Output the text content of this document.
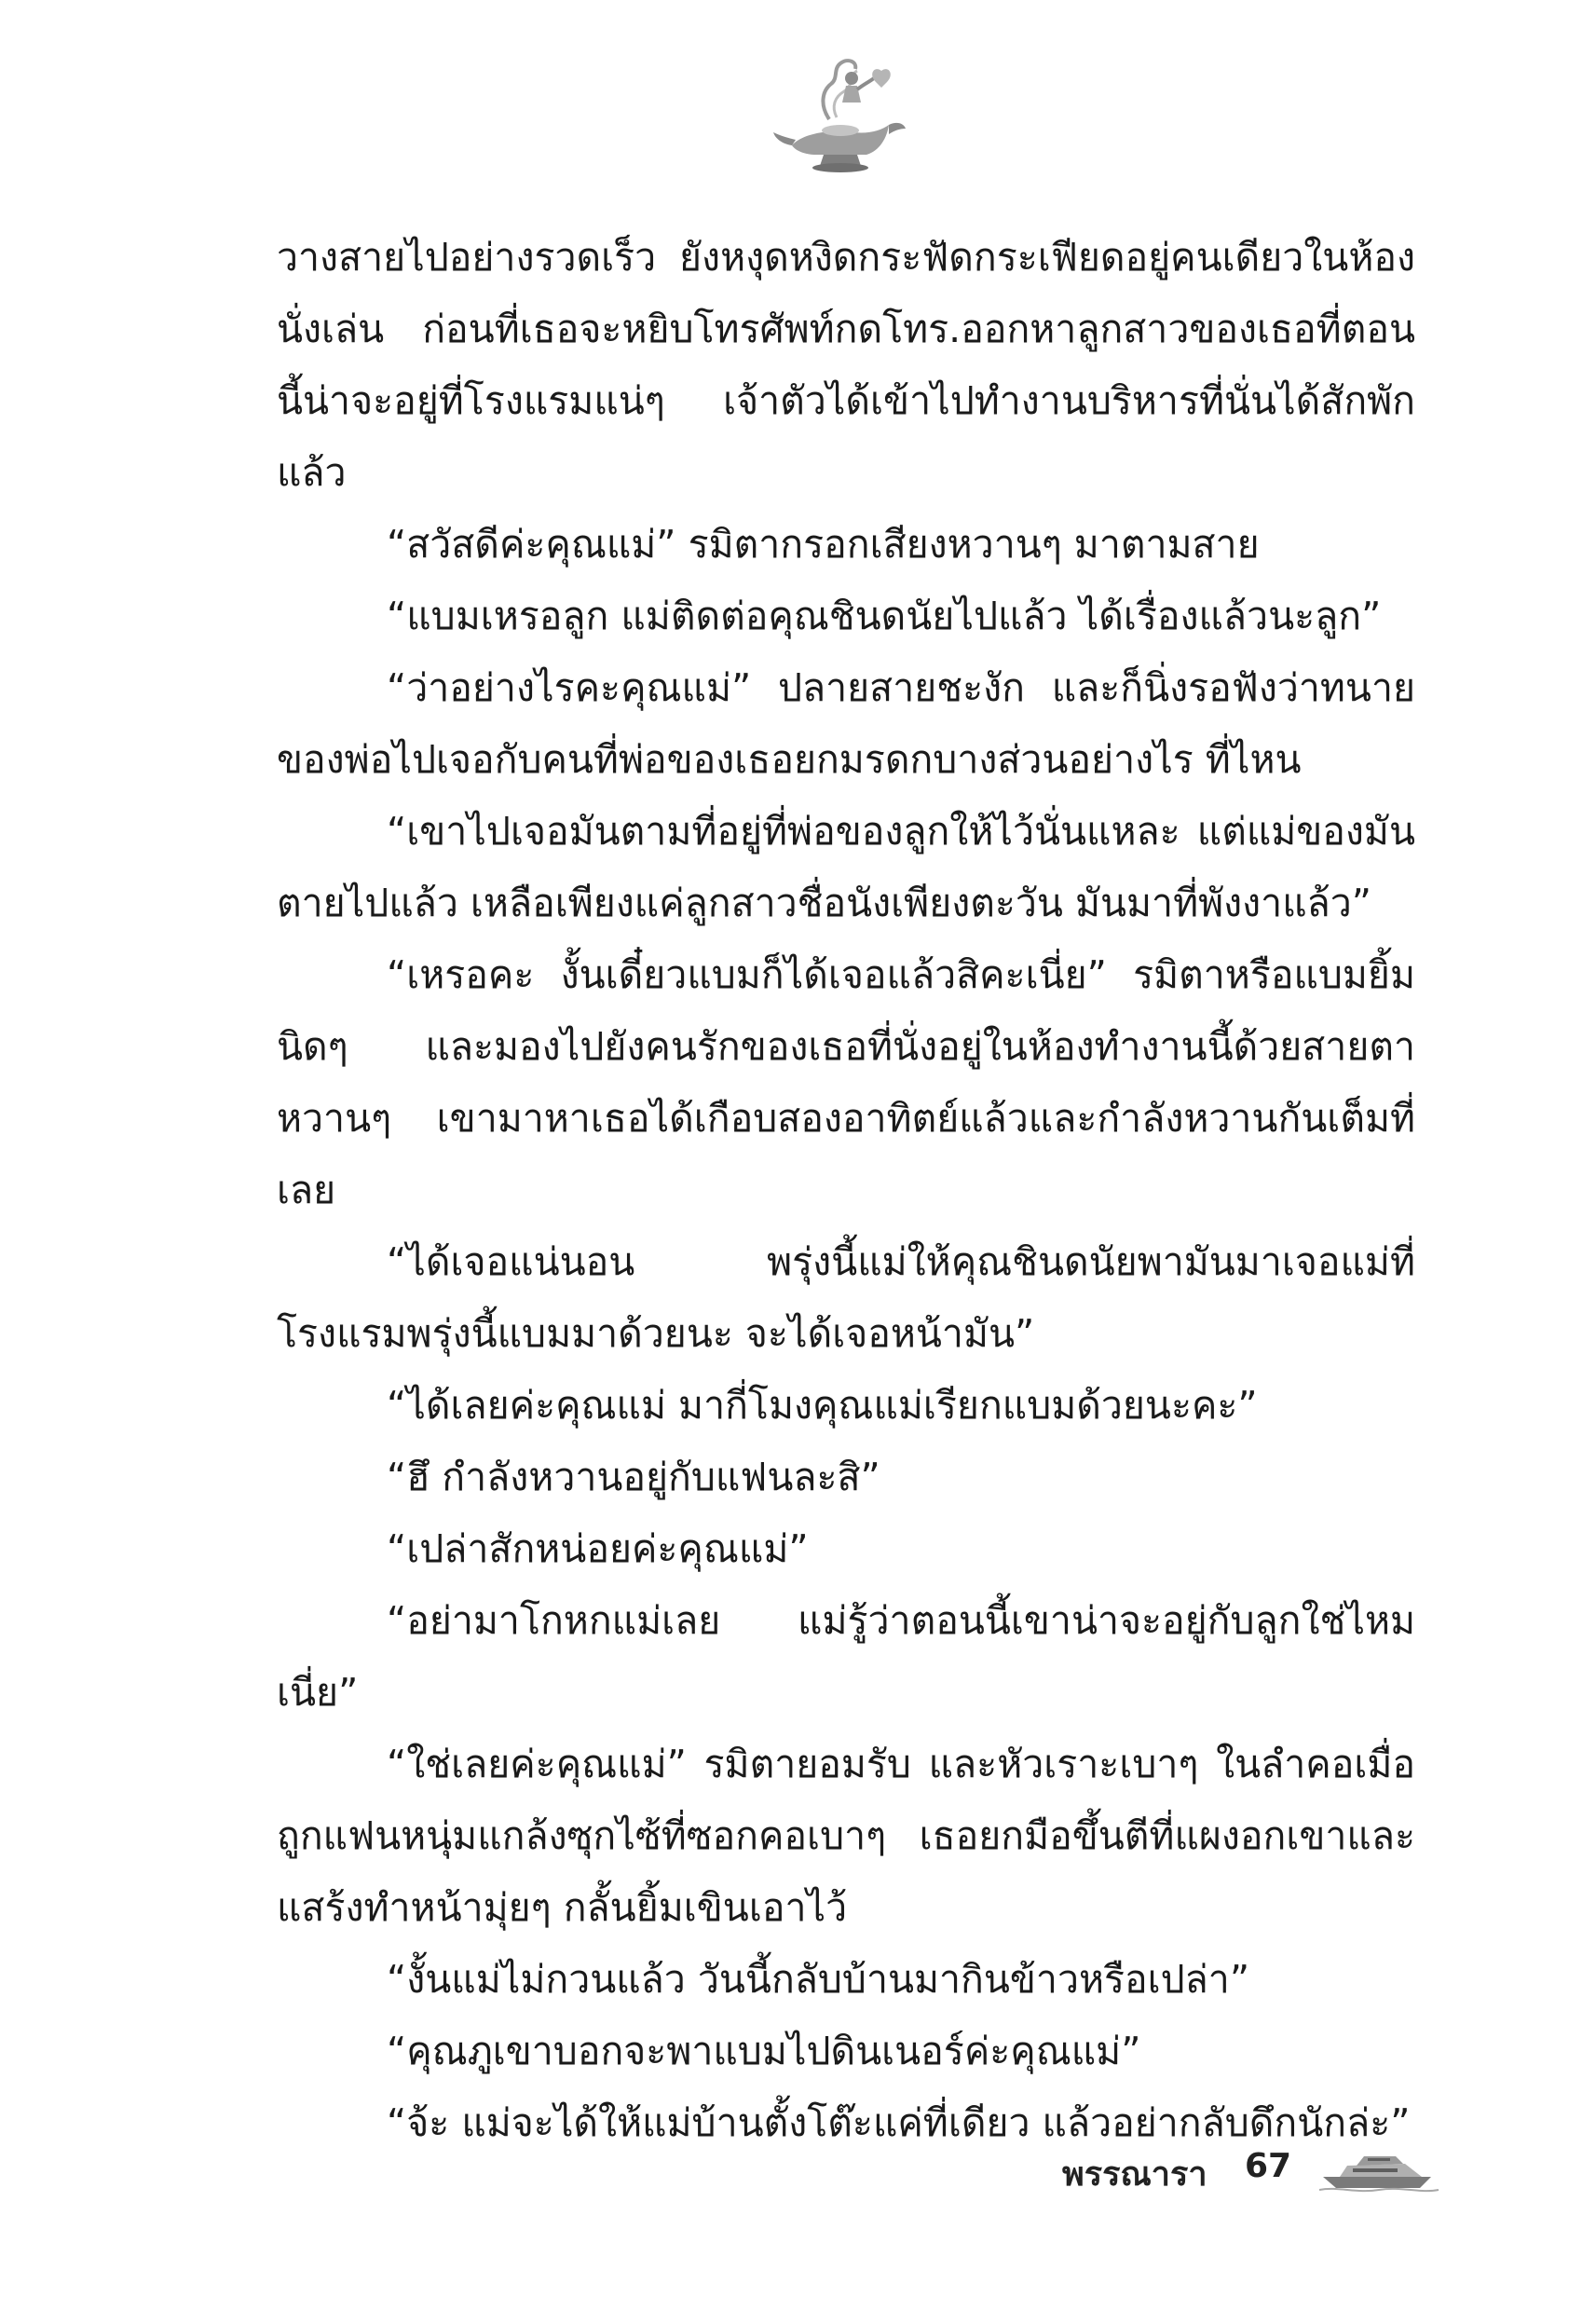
วางสายไปอย่างรวดเร็ว ยังหงุดหงิดกระฟัดกระเฟียดอยู่คนเดียวในห้องนั่งเล่น ก่อนที่เธอจะหยิบโทรศัพท์กดโทร.ออกหาลูกสาวของเธอที่ตอนนี้น่าจะอยู่ที่โรงแรมแน่ๆ เจ้าตัวได้เข้าไปทำงานบริหารที่นั่นได้สักพักแล้ว

“สวัสดีค่ะคุณแม่” รมิตากรอกเสียงหวานๆ มาตามสาย

“แบมเหรอลูก แม่ติดต่อคุณชินดนัยไปแล้ว ได้เรื่องแล้วนะลูก”

“ว่าอย่างไรคะคุณแม่” ปลายสายชะงัก และก็นิ่งรอฟังว่าทนายของพ่อไปเจอกับคนที่พ่อของเธอยกมรดกบางส่วนอย่างไร ที่ไหน

“เขาไปเจอมันตามที่อยู่ที่พ่อของลูกให้ไว้นั่นแหละ แต่แม่ของมันตายไปแล้ว เหลือเพียงแค่ลูกสาวชื่อนังเพียงตะวัน มันมาที่พังงาแล้ว”

“เหรอคะ งั้นเดี๋ยวแบมก็ได้เจอแล้วสิคะเนี่ย” รมิตาหรือแบมยิ้มนิดๆ และมองไปยังคนรักของเธอที่นั่งอยู่ในห้องทำงานนี้ด้วยสายตาหวานๆ เขามาหาเธอได้เกือบสองอาทิตย์แล้วและกำลังหวานกันเต็มที่เลย

“ได้เจอแน่นอน พรุ่งนี้แม่ให้คุณชินดนัยพามันมาเจอแม่ที่โรงแรมพรุ่งนี้แบมมาด้วยนะ จะได้เจอหน้ามัน”

“ได้เลยค่ะคุณแม่ มากี่โมงคุณแม่เรียกแบมด้วยนะคะ”

“ฮึ กำลังหวานอยู่กับแฟนละสิ”

“เปล่าสักหน่อยค่ะคุณแม่”

“อย่ามาโกหกแม่เลย แม่รู้ว่าตอนนี้เขาน่าจะอยู่กับลูกใช่ไหมเนี่ย”

“ใช่เลยค่ะคุณแม่” รมิตายอมรับ และหัวเราะเบาๆ ในลำคอเมื่อถูกแฟนหนุ่มแกล้งซุกไซ้ที่ซอกคอเบาๆ เธอยกมือขึ้นตีที่แผงอกเขาและแสร้งทำหน้ามุ่ยๆ กลั้นยิ้มเขินเอาไว้

“งั้นแม่ไม่กวนแล้ว วันนี้กลับบ้านมากินข้าวหรือเปล่า”

“คุณภูเขาบอกจะพาแบมไปดินเนอร์ค่ะคุณแม่”

“จ้ะ แม่จะได้ให้แม่บ้านตั้งโต๊ะแค่ที่เดียว แล้วอย่ากลับดึกนักล่ะ”

พรรณารา 67
